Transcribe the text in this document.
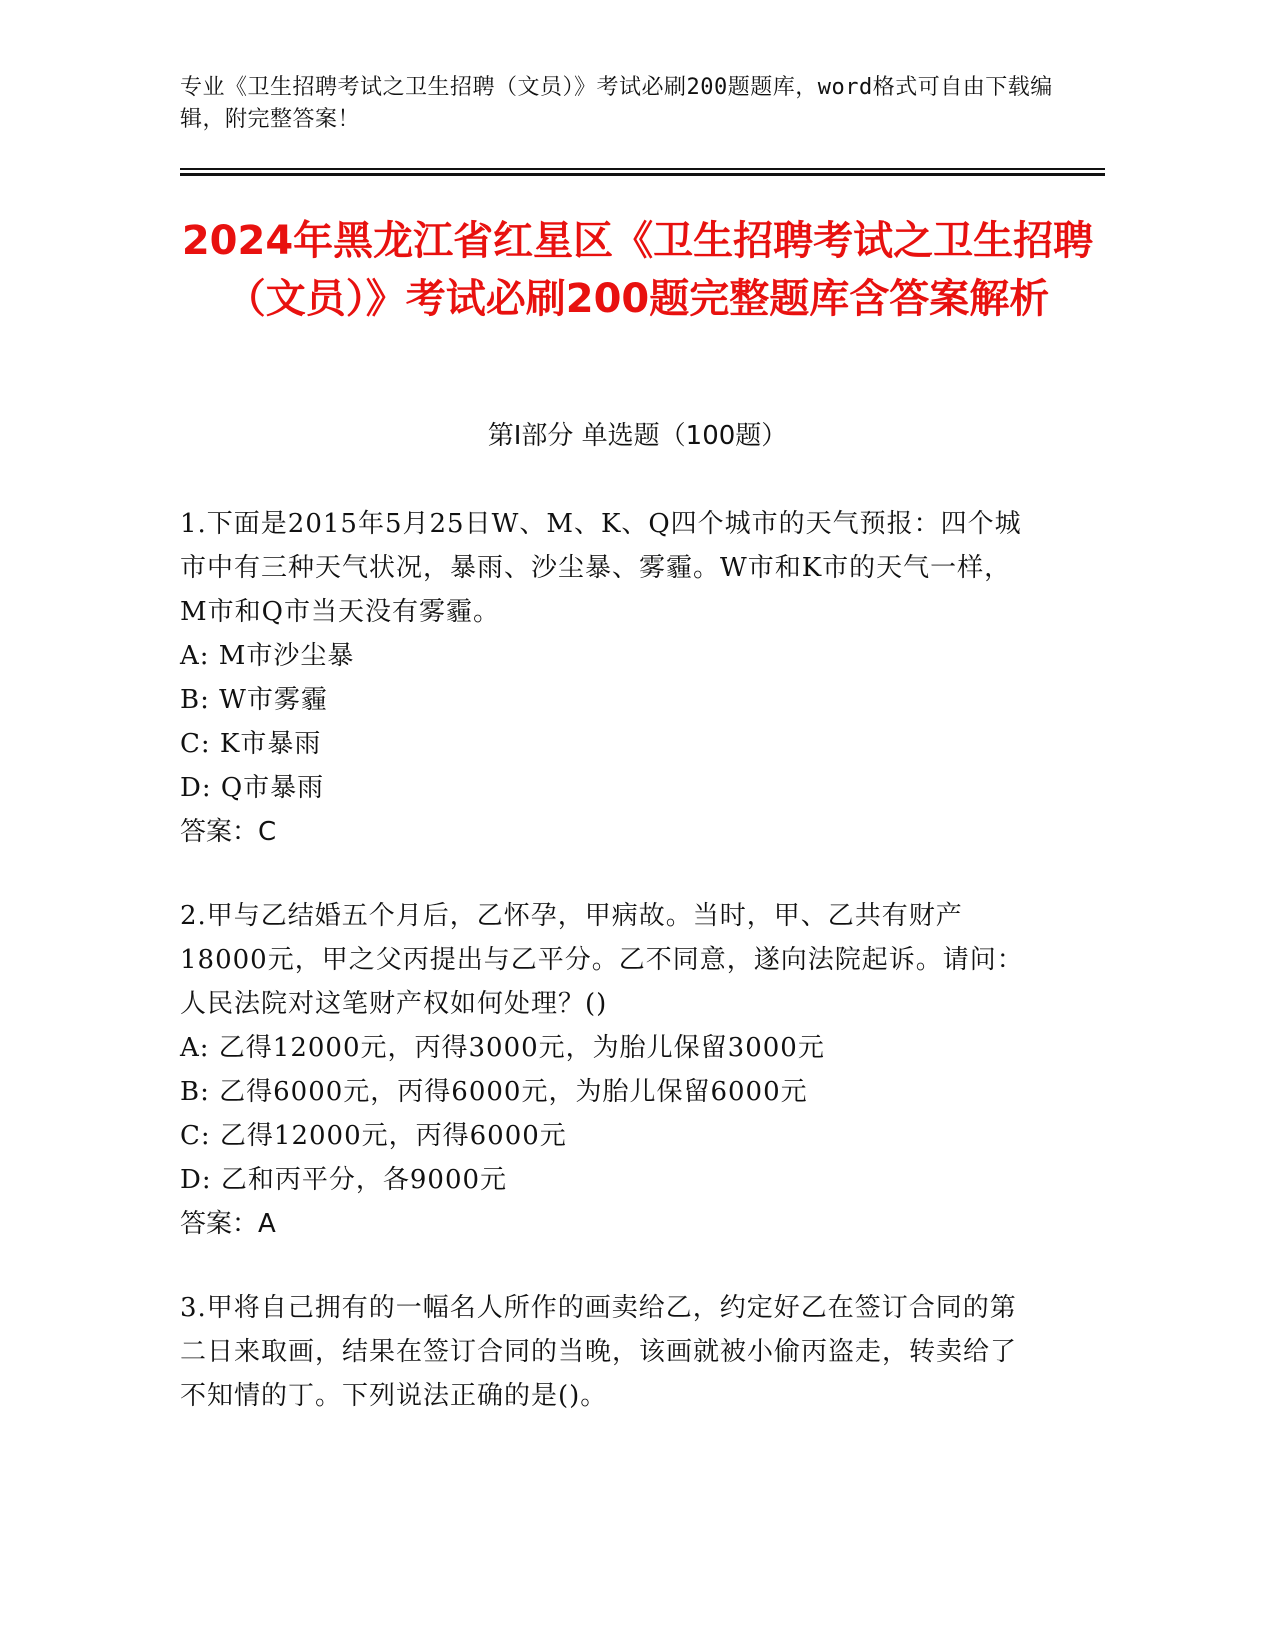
专业《卫生招聘考试之卫生招聘（文员）》考试必刷200题题库，word格式可自由下载编辑，附完整答案！
2024年黑龙江省红星区《卫生招聘考试之卫生招聘（文员）》考试必刷200题完整题库含答案解析
第Ⅰ部分 单选题（100题）
1.下面是2015年5月25日W、M、K、Q四个城市的天气预报：四个城市中有三种天气状况，暴雨、沙尘暴、雾霾。W市和K市的天气一样，M市和Q市当天没有雾霾。
A: M市沙尘暴
B: W市雾霾
C: K市暴雨
D: Q市暴雨
答案：C
2.甲与乙结婚五个月后，乙怀孕，甲病故。当时，甲、乙共有财产18000元，甲之父丙提出与乙平分。乙不同意，遂向法院起诉。请问：人民法院对这笔财产权如何处理？()
A: 乙得12000元，丙得3000元，为胎儿保留3000元
B: 乙得6000元，丙得6000元，为胎儿保留6000元
C: 乙得12000元，丙得6000元
D: 乙和丙平分，各9000元
答案：A
3.甲将自己拥有的一幅名人所作的画卖给乙，约定好乙在签订合同的第二日来取画，结果在签订合同的当晚，该画就被小偷丙盗走，转卖给了不知情的丁。下列说法正确的是()。
